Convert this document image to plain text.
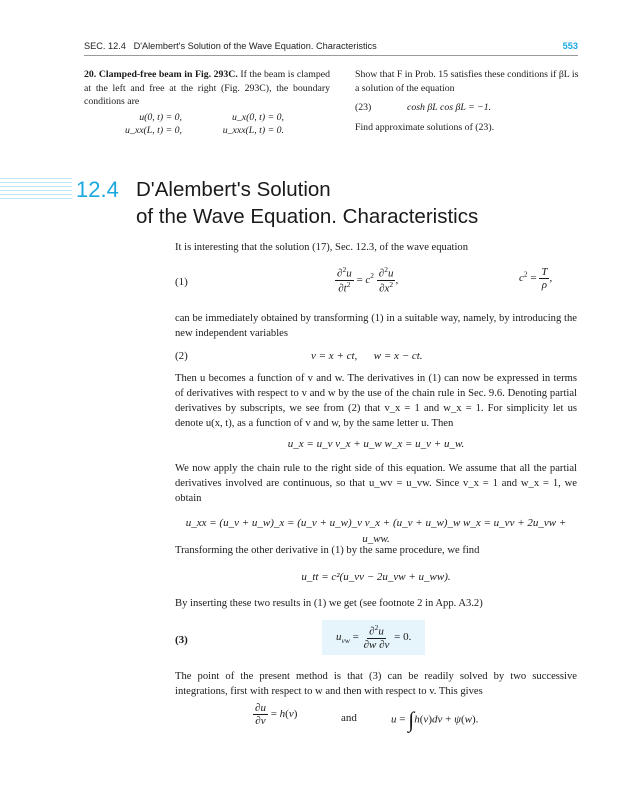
SEC. 12.4 D'Alembert's Solution of the Wave Equation. Characteristics	553
20. Clamped-free beam in Fig. 293C. If the beam is clamped at the left and free at the right (Fig. 293C), the boundary conditions are
u(0, t) = 0,	u_x(0, t) = 0,
u_xx(L, t) = 0,	u_xxx(L, t) = 0.
Show that F in Prob. 15 satisfies these conditions if βL is a solution of the equation
(23)	cosh βL cos βL = −1.
Find approximate solutions of (23).
12.4 D'Alembert's Solution
of the Wave Equation. Characteristics
It is interesting that the solution (17), Sec. 12.3, of the wave equation
(1)	$\frac{\partial^2u}{\partial t^2} = c^2 \frac{\partial^2u}{\partial x^2}$ ,	$c^2 = \frac{T}{\rho}$ ,
can be immediately obtained by transforming (1) in a suitable way, namely, by introducing the new independent variables
(2)	v = x + ct,      w = x − ct.
Then u becomes a function of v and w. The derivatives in (1) can now be expressed in terms of derivatives with respect to v and w by the use of the chain rule in Sec. 9.6. Denoting partial derivatives by subscripts, we see from (2) that v_x = 1 and w_x = 1. For simplicity let us denote u(x, t), as a function of v and w, by the same letter u. Then
u_x = u_v v_x + u_w w_x = u_v + u_w.
We now apply the chain rule to the right side of this equation. We assume that all the partial derivatives involved are continuous, so that u_wv = u_vw. Since v_x = 1 and w_x = 1, we obtain
u_xx = (u_v + u_w)_x = (u_v + u_w)_v v_x + (u_v + u_w)_w w_x = u_vv + 2u_vw + u_ww.
Transforming the other derivative in (1) by the same procedure, we find
u_tt = c²(u_vv − 2u_vw + u_ww).
By inserting these two results in (1) we get (see footnote 2 in App. A3.2)
(3)	$u_{vw} = \frac{\partial^2u}{\partial w \partial v} = 0$.
The point of the present method is that (3) can be readily solved by two successive integrations, first with respect to w and then with respect to v. This gives
$\frac{\partial u}{\partial v} = h(v)$	and	u = ∫h(v)dv + ψ(w).
